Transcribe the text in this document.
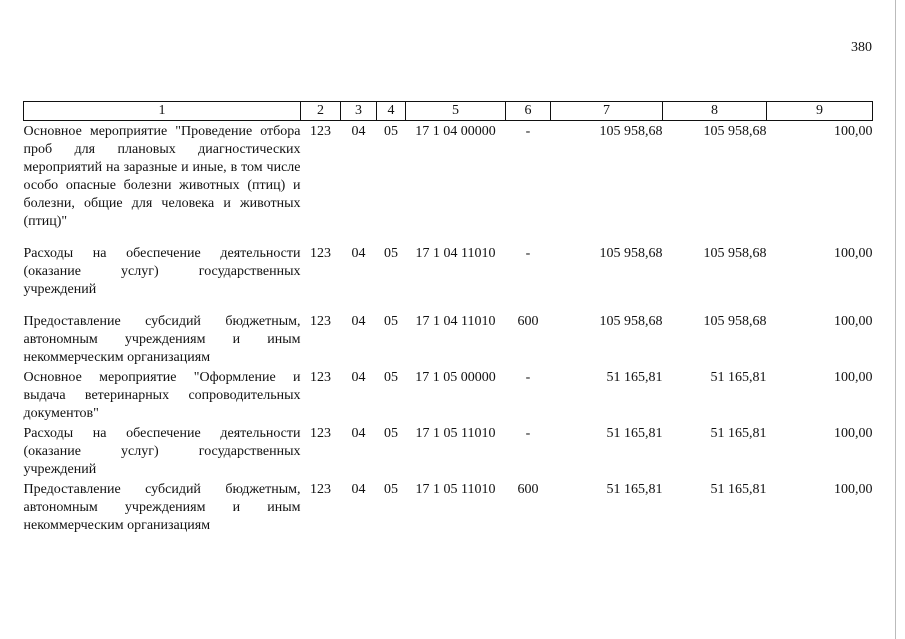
380
1	2	3	4	5	6	7	8	9
Основное мероприятие "Проведение отбора проб для плановых диагностических мероприятий на заразные и иные, в том числе особо опасные болезни животных (птиц) и болезни, общие для человека и животных (птиц)"	123	04	05	17 1 04 00000	-	105 958,68	105 958,68	100,00
Расходы на обеспечение деятельности (оказание услуг) государственных учреждений	123	04	05	17 1 04 11010	-	105 958,68	105 958,68	100,00
Предоставление субсидий бюджетным, автономным учреждениям и иным некоммерческим организациям	123	04	05	17 1 04 11010	600	105 958,68	105 958,68	100,00
Основное мероприятие "Оформление и выдача ветеринарных сопроводительных документов"	123	04	05	17 1 05 00000	-	51 165,81	51 165,81	100,00
Расходы на обеспечение деятельности (оказание услуг) государственных учреждений	123	04	05	17 1 05 11010	-	51 165,81	51 165,81	100,00
Предоставление субсидий бюджетным, автономным учреждениям и иным некоммерческим организациям	123	04	05	17 1 05 11010	600	51 165,81	51 165,81	100,00
